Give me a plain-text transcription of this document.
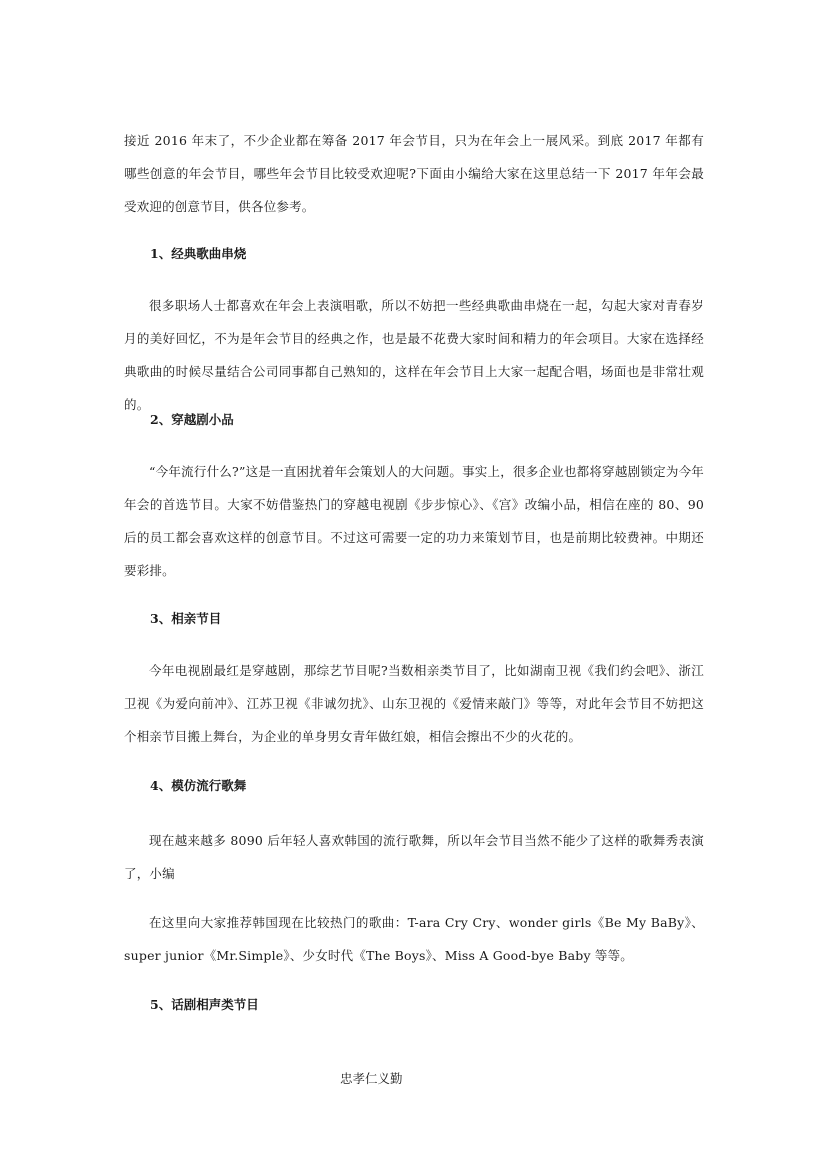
接近 2016 年末了，不少企业都在筹备 2017 年会节目，只为在年会上一展风采。到底 2017 年都有哪些创意的年会节目，哪些年会节目比较受欢迎呢?下面由小编给大家在这里总结一下 2017 年年会最受欢迎的创意节目，供各位参考。

1、经典歌曲串烧

很多职场人士都喜欢在年会上表演唱歌，所以不妨把一些经典歌曲串烧在一起，勾起大家对青春岁月的美好回忆，不为是年会节目的经典之作，也是最不花费大家时间和精力的年会项目。大家在选择经典歌曲的时候尽量结合公司同事都自己熟知的，这样在年会节目上大家一起配合唱，场面也是非常壮观的。

2、穿越剧小品

“今年流行什么?”这是一直困扰着年会策划人的大问题。事实上，很多企业也都将穿越剧锁定为今年年会的首选节目。大家不妨借鉴热门的穿越电视剧《步步惊心》、《宫》改编小品，相信在座的 80、90 后的员工都会喜欢这样的创意节目。不过这可需要一定的功力来策划节目，也是前期比较费神。中期还要彩排。

3、相亲节目

今年电视剧最红是穿越剧，那综艺节目呢?当数相亲类节目了，比如湖南卫视《我们约会吧》、浙江卫视《为爱向前冲》、江苏卫视《非诚勿扰》、山东卫视的《爱情来敲门》等等，对此年会节目不妨把这个相亲节目搬上舞台，为企业的单身男女青年做红娘，相信会擦出不少的火花的。

4、模仿流行歌舞

现在越来越多 8090 后年轻人喜欢韩国的流行歌舞，所以年会节目当然不能少了这样的歌舞秀表演了，小编

在这里向大家推荐韩国现在比较热门的歌曲：T-ara Cry Cry、wonder girls《Be My BaBy》、super junior《Mr.Simple》、少女时代《The Boys》、Miss A Good-bye Baby 等等。

5、话剧相声类节目

忠孝仁义勤
